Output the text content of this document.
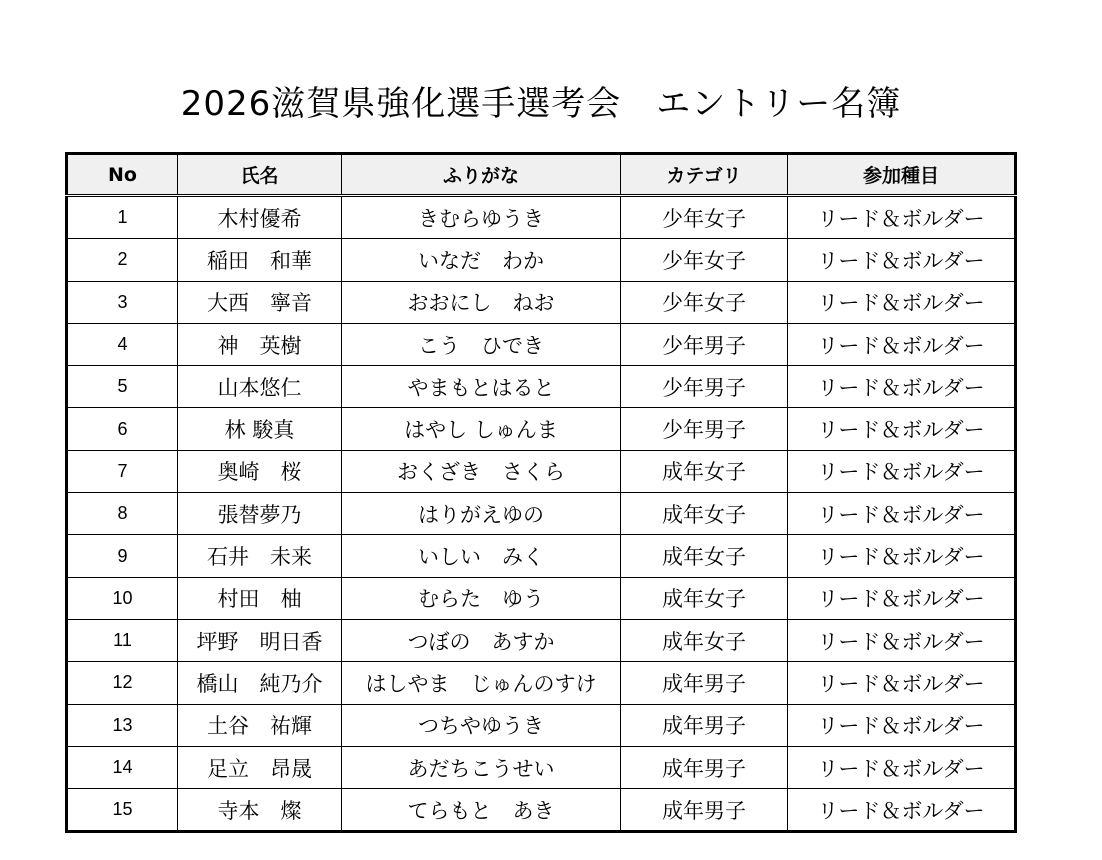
2026滋賀県強化選手選考会　エントリー名簿
No	氏名	ふりがな	カテゴリ	参加種目
1	木村優希	きむらゆうき	少年女子	リード＆ボルダー
2	稲田　和華	いなだ　わか	少年女子	リード＆ボルダー
3	大西　寧音	おおにし　ねお	少年女子	リード＆ボルダー
4	神　英樹	こう　ひでき	少年男子	リード＆ボルダー
5	山本悠仁	やまもとはると	少年男子	リード＆ボルダー
6	林 駿真	はやし しゅんま	少年男子	リード＆ボルダー
7	奥崎　桜	おくざき　さくら	成年女子	リード＆ボルダー
8	張替夢乃	はりがえゆの	成年女子	リード＆ボルダー
9	石井　未来	いしい　みく	成年女子	リード＆ボルダー
10	村田　柚	むらた　ゆう	成年女子	リード＆ボルダー
11	坪野　明日香	つぼの　あすか	成年女子	リード＆ボルダー
12	橋山　純乃介	はしやま　じゅんのすけ	成年男子	リード＆ボルダー
13	土谷　祐輝	つちやゆうき	成年男子	リード＆ボルダー
14	足立　昂晟	あだちこうせい	成年男子	リード＆ボルダー
15	寺本　燦	てらもと　あき	成年男子	リード＆ボルダー
